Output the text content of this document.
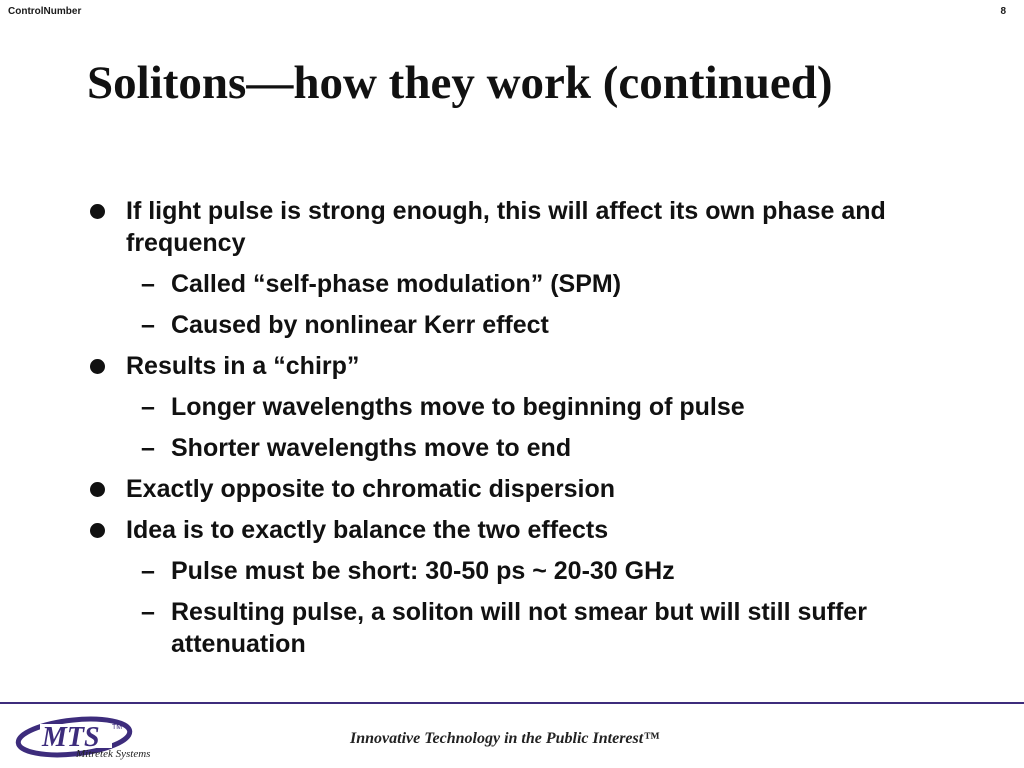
ControlNumber	8
Solitons—how they work (continued)
If light pulse is strong enough, this will affect its own phase and frequency
– Called “self-phase modulation” (SPM)
– Caused by nonlinear Kerr effect
Results in a “chirp”
– Longer wavelengths move to beginning of pulse
– Shorter wavelengths move to end
Exactly opposite to chromatic dispersion
Idea is to exactly balance the two effects
– Pulse must be short: 30-50 ps ~ 20-30 GHz
– Resulting pulse, a soliton will not smear but will still suffer attenuation
MTS TM
Mitretek Systems
Innovative Technology in the Public Interest™
